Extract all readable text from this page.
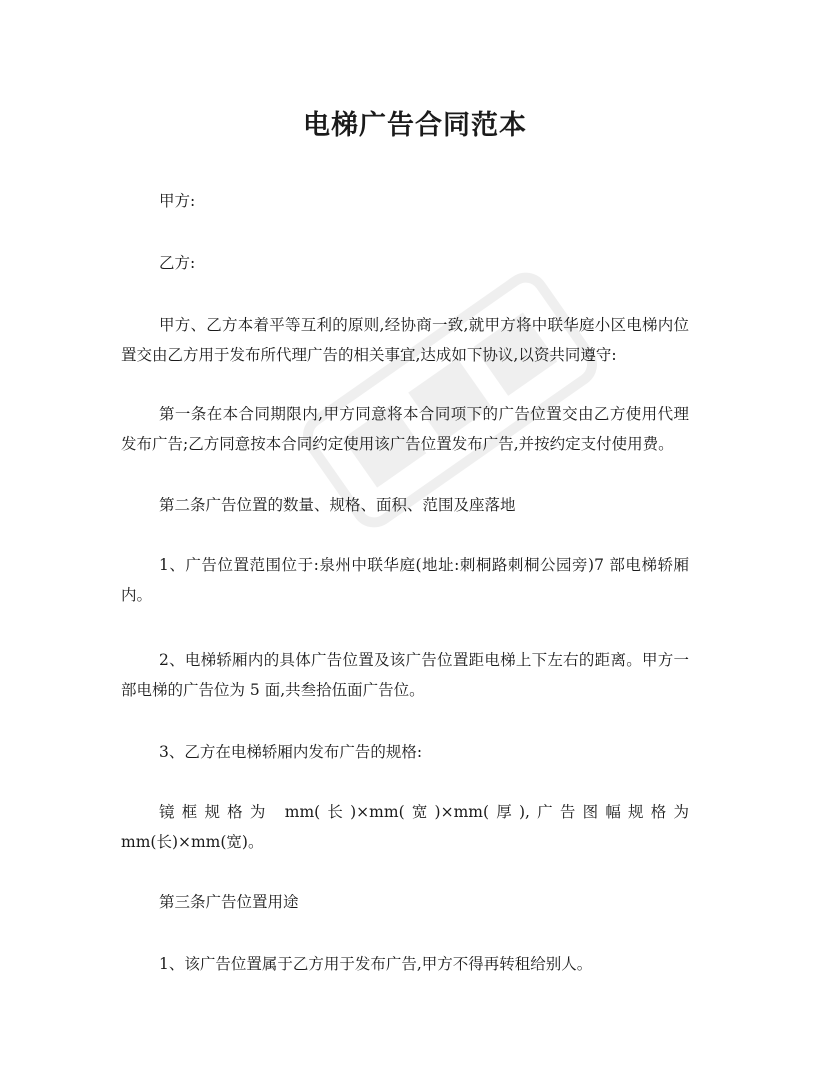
电梯广告合同范本

甲方:

乙方:

甲方、乙方本着平等互利的原则,经协商一致,就甲方将中联华庭小区电梯内位置交由乙方用于发布所代理广告的相关事宜,达成如下协议,以资共同遵守:

第一条在本合同期限内,甲方同意将本合同项下的广告位置交由乙方使用代理发布广告;乙方同意按本合同约定使用该广告位置发布广告,并按约定支付使用费。

第二条广告位置的数量、规格、面积、范围及座落地

1、广告位置范围位于:泉州中联华庭(地址:刺桐路刺桐公园旁)7 部电梯轿厢内。

2、电梯轿厢内的具体广告位置及该广告位置距电梯上下左右的距离。甲方一部电梯的广告位为 5 面,共叁拾伍面广告位。

3、乙方在电梯轿厢内发布广告的规格:

镜框规格为 mm(长)×mm(宽)×mm(厚),广告图幅规格为 mm(长)×mm(宽)。

第三条广告位置用途

1、该广告位置属于乙方用于发布广告,甲方不得再转租给别人。
